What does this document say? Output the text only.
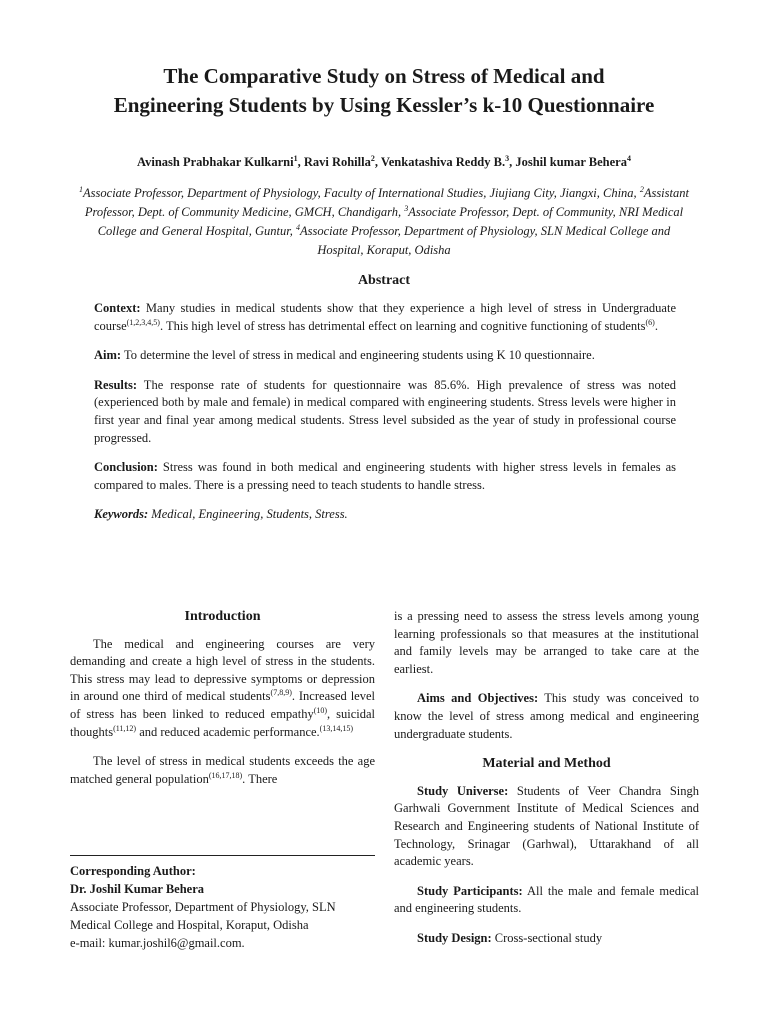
The Comparative Study on Stress of Medical and
Engineering Students by Using Kessler’s k-10 Questionnaire
Avinash Prabhakar Kulkarni$^1$, Ravi Rohilla$^2$, Venkatashiva Reddy B.$^3$, Joshil kumar Behera$^4$
$^1$Associate Professor, Department of Physiology, Faculty of International Studies, Jiujiang City, Jiangxi, China, $^2$Assistant Professor, Dept. of Community Medicine, GMCH, Chandigarh, $^3$Associate Professor, Dept. of Community, NRI Medical College and General Hospital, Guntur, $^4$Associate Professor, Department of Physiology, SLN Medical College and Hospital, Koraput, Odisha
Abstract

Context: Many studies in medical students show that they experience a high level of stress in Undergraduate course$^{(1,2,3,4,5)}$. This high level of stress has detrimental effect on learning and cognitive functioning of students$^{(6)}$.

Aim: To determine the level of stress in medical and engineering students using K 10 questionnaire.

Results: The response rate of students for questionnaire was 85.6%. High prevalence of stress was noted (experienced both by male and female) in medical compared with engineering students. Stress levels were higher in first year and final year among medical students. Stress level subsided as the year of study in professional course progressed.

Conclusion: Stress was found in both medical and engineering students with higher stress levels in females as compared to males. There is a pressing need to teach students to handle stress.

Keywords: Medical, Engineering, Students, Stress.

Introduction

The medical and engineering courses are very demanding and create a high level of stress in the students. This stress may lead to depressive symptoms or depression in around one third of medical students$^{(7,8,9)}$. Increased level of stress has been linked to reduced empathy$^{(10)}$, suicidal thoughts$^{(11,12)}$ and reduced academic performance.$^{(13,14,15)}$

The level of stress in medical students exceeds the age matched general population$^{(16,17,18)}$. There

Corresponding Author:
Dr. Joshil Kumar Behera
Associate Professor, Department of Physiology, SLN
Medical College and Hospital, Koraput, Odisha
e-mail: kumar.joshil6@gmail.com.

is a pressing need to assess the stress levels among young learning professionals so that measures at the institutional and family levels may be arranged to take care at the earliest.

Aims and Objectives: This study was conceived to know the level of stress among medical and engineering undergraduate students.

Material and Method

Study Universe: Students of Veer Chandra Singh Garhwali Government Institute of Medical Sciences and Research and Engineering students of National Institute of Technology, Srinagar (Garhwal), Uttarakhand of all academic years.

Study Participants: All the male and female medical and engineering students.

Study Design: Cross-sectional study
